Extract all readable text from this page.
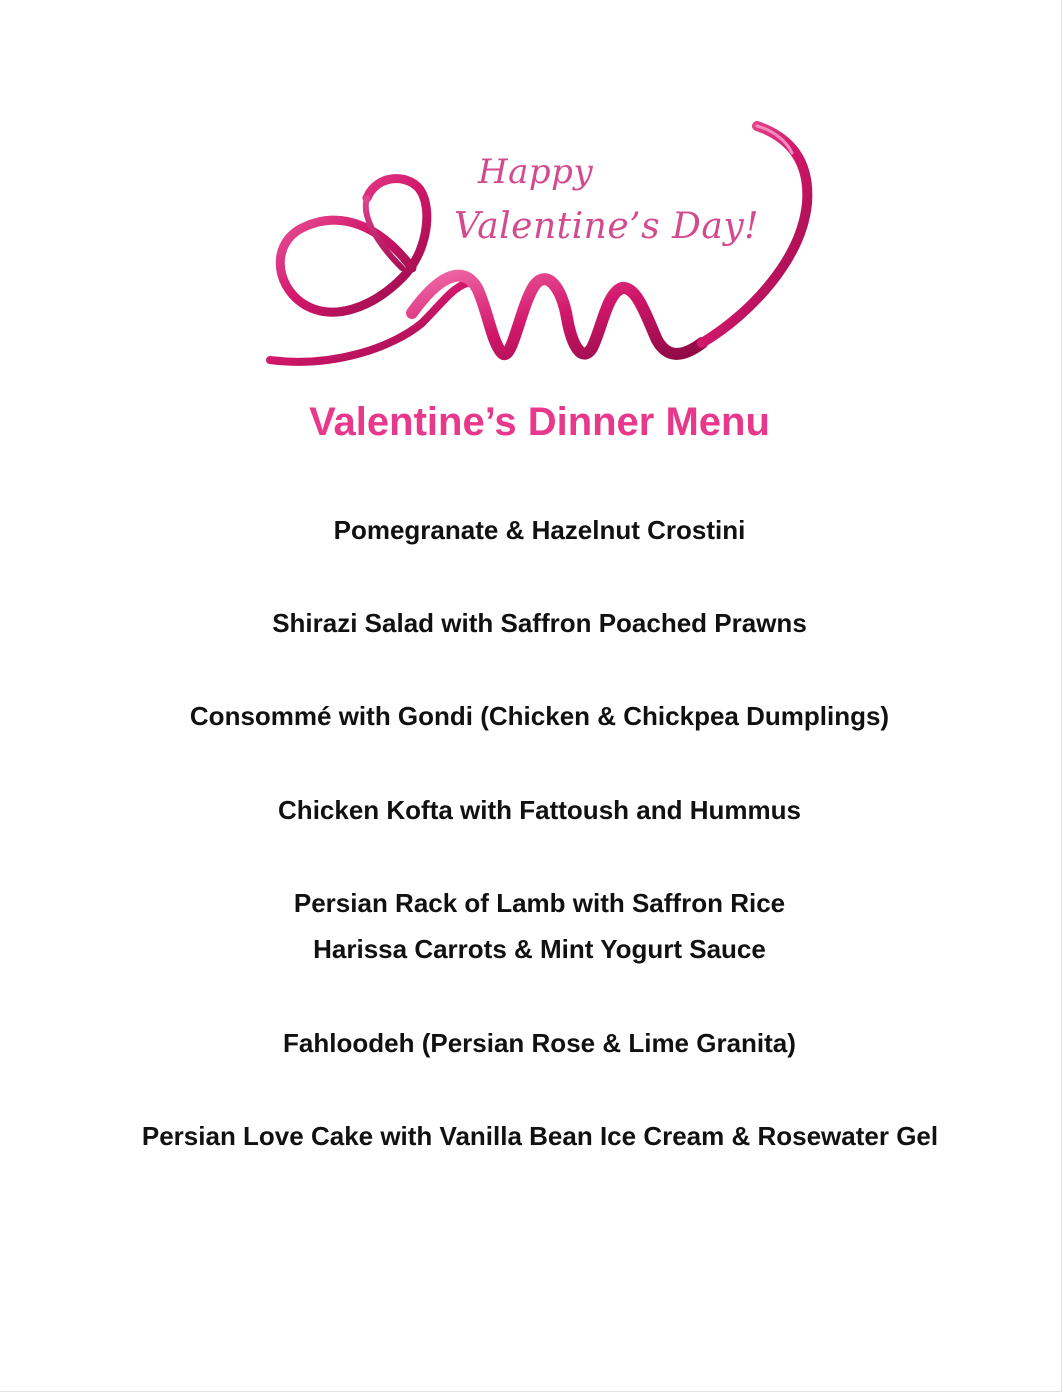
Happy
Valentine’s Day!
Valentine’s Dinner Menu
Pomegranate & Hazelnut Crostini
Shirazi Salad with Saffron Poached Prawns
Consommé with Gondi (Chicken & Chickpea Dumplings)
Chicken Kofta with Fattoush and Hummus
Persian Rack of Lamb with Saffron Rice
Harissa Carrots & Mint Yogurt Sauce
Fahloodeh (Persian Rose & Lime Granita)
Persian Love Cake with Vanilla Bean Ice Cream & Rosewater Gel
